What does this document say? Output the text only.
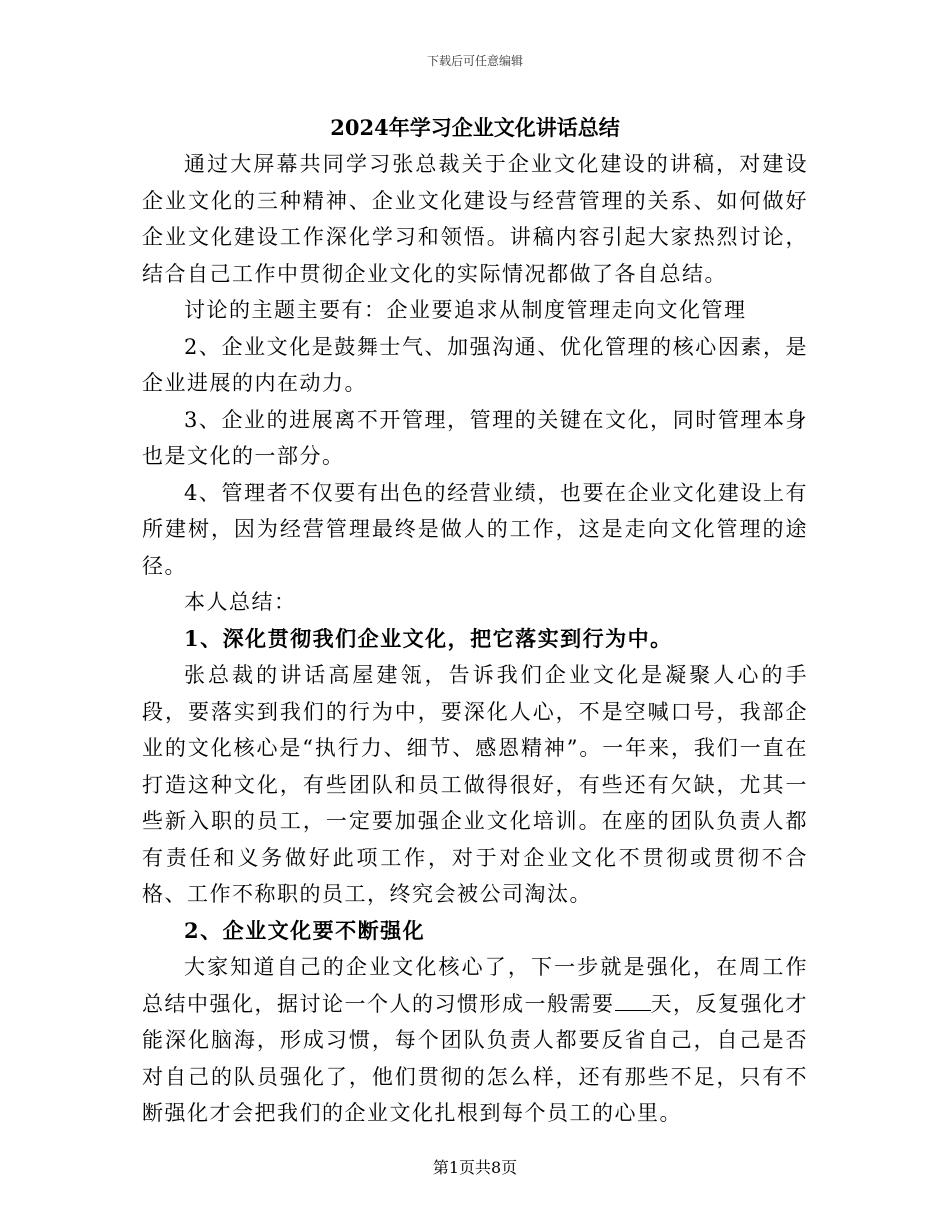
下载后可任意编辑
2024年学习企业文化讲话总结

通过大屏幕共同学习张总裁关于企业文化建设的讲稿，对建设企业文化的三种精神、企业文化建设与经营管理的关系、如何做好企业文化建设工作深化学习和领悟。讲稿内容引起大家热烈讨论，结合自己工作中贯彻企业文化的实际情况都做了各自总结。

讨论的主题主要有：企业要追求从制度管理走向文化管理

2、企业文化是鼓舞士气、加强沟通、优化管理的核心因素，是企业进展的内在动力。

3、企业的进展离不开管理，管理的关键在文化，同时管理本身也是文化的一部分。

4、管理者不仅要有出色的经营业绩，也要在企业文化建设上有所建树，因为经营管理最终是做人的工作，这是走向文化管理的途径。

本人总结：

1、深化贯彻我们企业文化，把它落实到行为中。

张总裁的讲话高屋建瓴，告诉我们企业文化是凝聚人心的手段，要落实到我们的行为中，要深化人心，不是空喊口号，我部企业的文化核心是“执行力、细节、感恩精神”。一年来，我们一直在打造这种文化，有些团队和员工做得很好，有些还有欠缺，尤其一些新入职的员工，一定要加强企业文化培训。在座的团队负责人都有责任和义务做好此项工作，对于对企业文化不贯彻或贯彻不合格、工作不称职的员工，终究会被公司淘汰。

2、企业文化要不断强化

大家知道自己的企业文化核心了，下一步就是强化，在周工作总结中强化，据讨论一个人的习惯形成一般需要 天，反复强化才能深化脑海，形成习惯，每个团队负责人都要反省自己，自己是否对自己的队员强化了，他们贯彻的怎么样，还有那些不足，只有不断强化才会把我们的企业文化扎根到每个员工的心里。

第1页共8页
